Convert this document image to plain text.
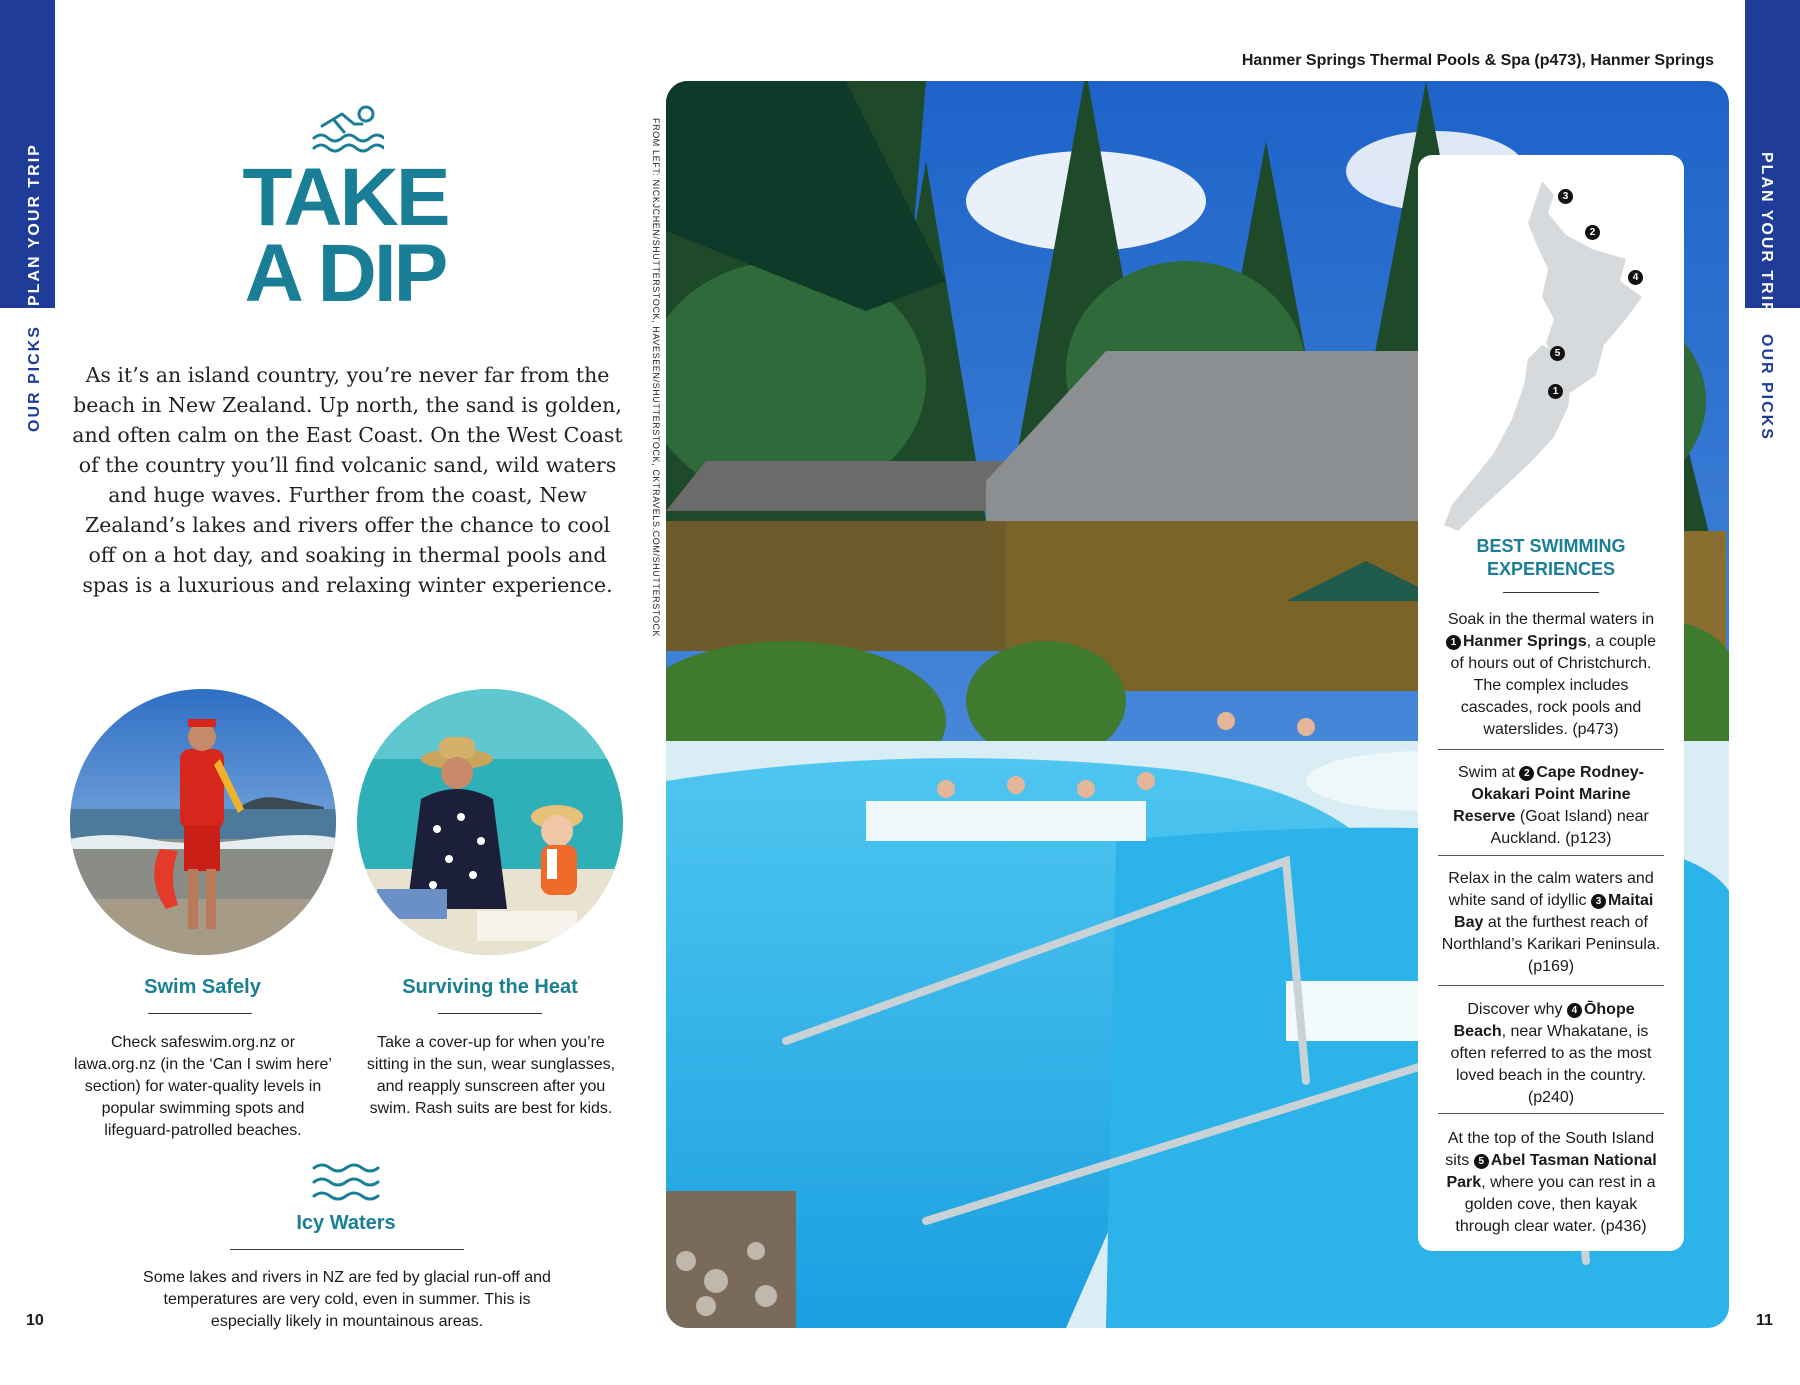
PLAN YOUR TRIP
OUR PICKS
PLAN YOUR TRIP
OUR PICKS
TAKE
A DIP
As it’s an island country, you’re never far from the beach in New Zealand. Up north, the sand is golden, and often calm on the East Coast. On the West Coast of the country you’ll find volcanic sand, wild waters and huge waves. Further from the coast, New Zealand’s lakes and rivers offer the chance to cool off on a hot day, and soaking in thermal pools and spas is a luxurious and relaxing winter experience.
Swim Safely
Check safeswim.org.nz or lawa.org.nz (in the ‘Can I swim here’ section) for water-quality levels in popular swimming spots and lifeguard-patrolled beaches.
Surviving the Heat
Take a cover-up for when you’re sitting in the sun, wear sunglasses, and reapply sunscreen after you swim. Rash suits are best for kids.
Icy Waters
Some lakes and rivers in NZ are fed by glacial run-off and temperatures are very cold, even in summer. This is especially likely in mountainous areas.
10	11
FROM LEFT: NICKJCHEN/SHUTTERSTOCK, HAVESEEN/SHUTTERSTOCK, CKTRAVELS.COM/SHUTTERSTOCK
Hanmer Springs Thermal Pools & Spa (p473), Hanmer Springs
3
2
4
5
1
BEST SWIMMING
EXPERIENCES
Soak in the thermal waters in 1 Hanmer Springs, a couple of hours out of Christchurch. The complex includes cascades, rock pools and waterslides. (p473)
Swim at 2 Cape Rodney-Okakari Point Marine Reserve (Goat Island) near Auckland. (p123)
Relax in the calm waters and white sand of idyllic 3 Maitai Bay at the furthest reach of Northland’s Karikari Peninsula. (p169)
Discover why 4 Ōhope Beach, near Whakatane, is often referred to as the most loved beach in the country. (p240)
At the top of the South Island sits 5 Abel Tasman National Park, where you can rest in a golden cove, then kayak through clear water. (p436)
